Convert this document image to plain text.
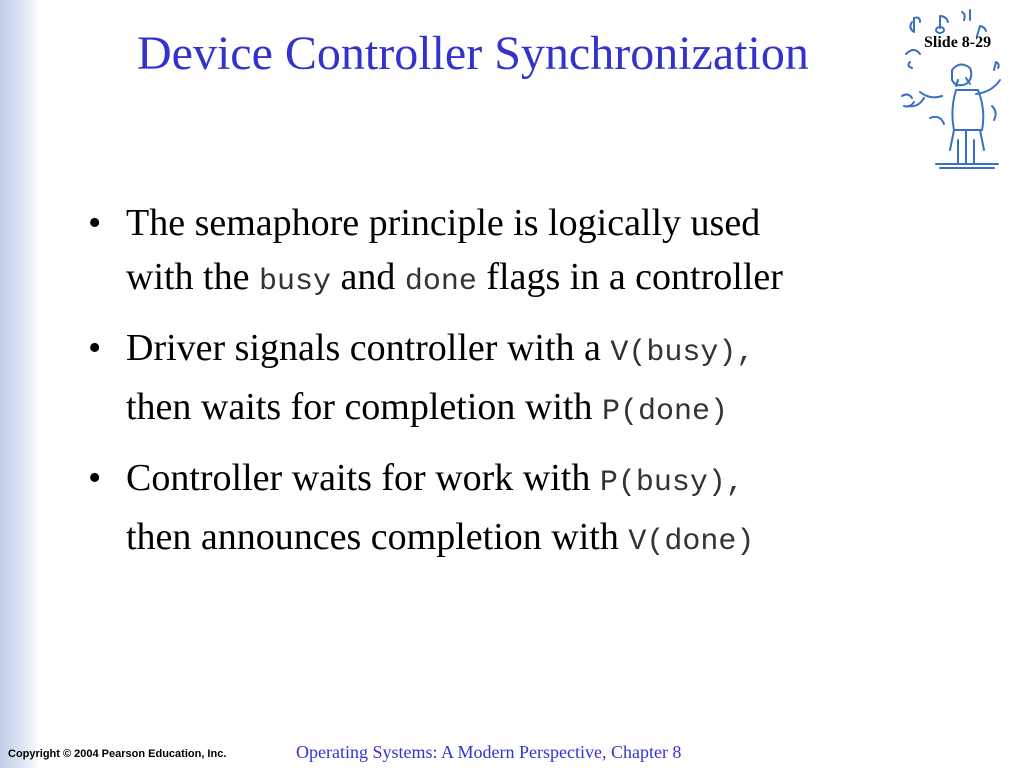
Device Controller Synchronization	Slide 8-29
• The semaphore principle is logically used
with the busy and done flags in a controller
• Driver signals controller with a V(busy),
then waits for completion with P(done)
• Controller waits for work with P(busy),
then announces completion with V(done)
Copyright © 2004 Pearson Education, Inc.	Operating Systems: A Modern Perspective, Chapter 8
